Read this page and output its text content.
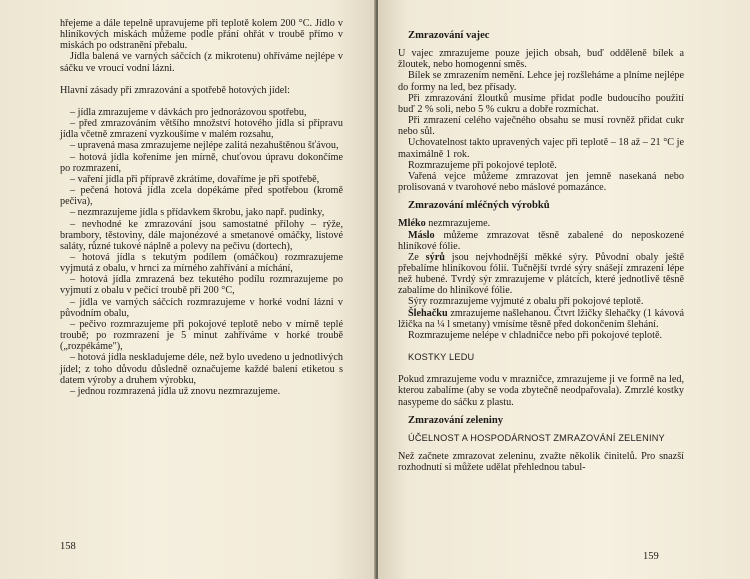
hřejeme a dále tepelně upravujeme při teplotě kolem 200 °C. Jídlo v hliníkových miskách můžeme podle přání ohřát v troubě přímo v miskách po odstranění přebalu.

Jídla balená ve varných sáčcích (z mikrotenu) ohříváme nejlépe v sáčku ve vroucí vodní lázni.

Hlavní zásady při zmrazování a spotřebě hotových jídel:

– jídla zmrazujeme v dávkách pro jednorázovou spotřebu,

– před zmrazováním většího množství hotového jídla si přípravu jídla včetně zmrazení vyzkoušíme v malém rozsahu,

– upravená masa zmrazujeme nejlépe zalitá nezahuštěnou šťávou,

– hotová jídla kořeníme jen mírně, chuťovou úpravu dokončíme po rozmrazení,

– vaření jídla při přípravě zkrátíme, dovaříme je při spotřebě,

– pečená hotová jídla zcela dopékáme před spotřebou (kromě pečiva),

– nezmrazujeme jídla s přídavkem škrobu, jako např. pudinky,

– nevhodné ke zmrazování jsou samostatné přílohy – rýže, brambory, těstoviny, dále majonézové a smetanové omáčky, listové saláty, různé tukové náplně a polevy na pečivu (dortech),

– hotová jídla s tekutým podílem (omáčkou) rozmrazujeme vyjmutá z obalu, v hrnci za mírného zahřívání a míchání,

– hotová jídla zmrazená bez tekutého podílu rozmrazujeme po vyjmutí z obalu v pečicí troubě při 200 °C,

– jídla ve varných sáčcích rozmrazujeme v horké vodní lázni v původním obalu,

– pečivo rozmrazujeme při pokojové teplotě nebo v mírně teplé troubě; po rozmrazení je 5 minut zahříváme v horké troubě („rozpékáme"),

– hotová jídla neskladujeme déle, než bylo uvedeno u jednotlivých jídel; z toho důvodu důsledně označujeme každé balení etiketou s datem výroby a druhem výrobku,

– jednou rozmrazená jídla už znovu nezmrazujeme.

158

Zmrazování vajec

U vajec zmrazujeme pouze jejich obsah, buď odděleně bílek a žloutek, nebo homogenní směs.

Bílek se zmrazením nemění. Lehce jej rozšleháme a plníme nejlépe do formy na led, bez přísady.

Při zmrazování žloutků musíme přidat podle budoucího použití buď 2 % soli, nebo 5 % cukru a dobře rozmíchat.

Při zmrazení celého vaječného obsahu se musí rovněž přidat cukr nebo sůl.

Uchovatelnost takto upravených vajec při teplotě – 18 až – 21 °C je maximálně 1 rok.

Rozmrazujeme při pokojové teplotě.

Vařená vejce můžeme zmrazovat jen jemně nasekaná nebo prolisovaná v tvarohové nebo máslové pomazánce.

Zmrazování mléčných výrobků

Mléko nezmrazujeme.

Máslo můžeme zmrazovat těsně zabalené do neposkozené hliníkové fólie.

Ze sýrů jsou nejvhodnější měkké sýry. Původní obaly ještě přebalíme hliníkovou fólií. Tučnější tvrdé sýry snášejí zmrazení lépe než hubené. Tvrdý sýr zmrazujeme v plátcích, které jednotlivě těsně zabalíme do hliníkové fólie.

Sýry rozmrazujeme vyjmuté z obalu při pokojové teplotě.

Šlehačku zmrazujeme našlehanou. Čtvrt lžičky šlehačky (1 kávová lžička na ¼ l smetany) vmísíme těsně před dokončením šlehání.

Rozmrazujeme nelépe v chladničce nebo při pokojové teplotě.

KOSTKY LEDU

Pokud zmrazujeme vodu v mrazničce, zmrazujeme ji ve formě na led, kterou zabalíme (aby se voda zbytečně neodpařovala). Zmrzlé kostky nasypeme do sáčku z plastu.

Zmrazování zeleniny

ÚČELNOST A HOSPODÁRNOST ZMRAZOVÁNÍ ZELENINY

Než začnete zmrazovat zeleninu, zvažte několik činitelů. Pro snazší rozhodnutí si můžete udělat přehlednou tabul-

159
